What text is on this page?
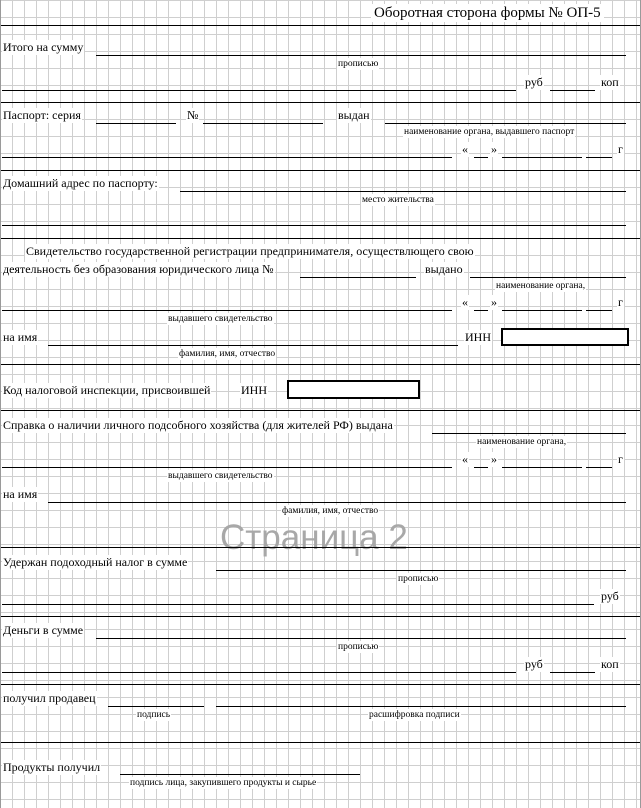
Оборотная сторона формы № ОП-5
Итого на сумму
прописью
руб	коп
Паспорт: серия	№	выдан
наименование органа, выдавшего паспорт
« »	г
Домашний адрес по паспорту:
место жительства
Свидетельство государственной регистрации предпринимателя, осуществлющего свою
деятельность без образования юридического лица №	выдано
наименование органа,
« »	г
выдавшего свидетельство
на имя	ИНН
фамилия, имя, отчество
Код налоговой инспекции, присвоившей	ИНН
Справка о наличии личного подсобного хозяйства (для жителей РФ) выдана
наименование органа,
« »	г
выдавшего свидетельство
на имя
фамилия, имя, отчество
Страница 2
Удержан подоходный налог в сумме
прописью
руб
Деньги в сумме
прописью
руб	коп
получил продавец
подпись	расшифровка подписи
Продукты получил
подпись лица, закупившего продукты и сырье
